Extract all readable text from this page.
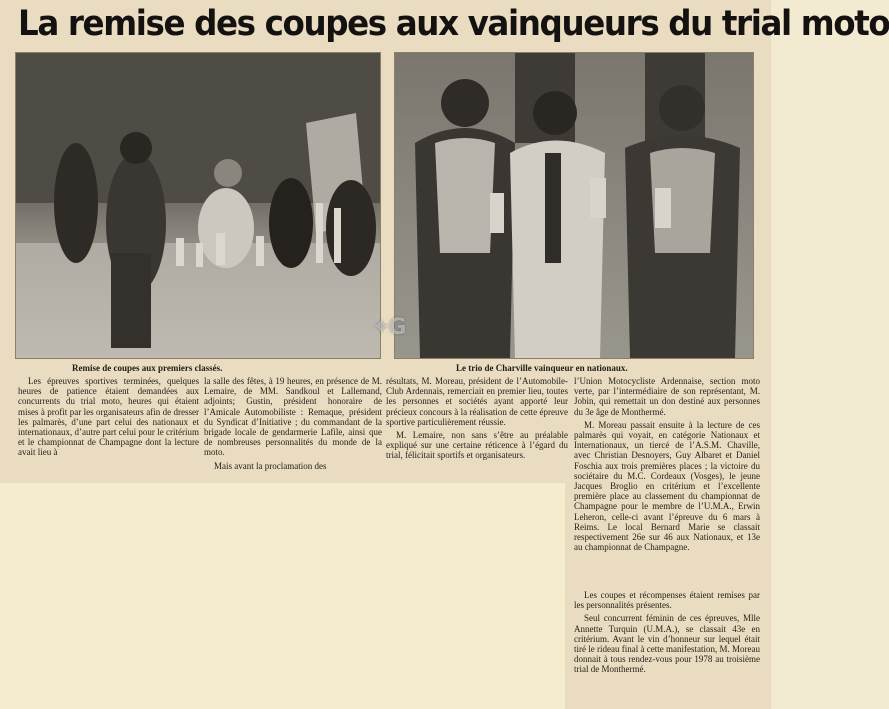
La remise des coupes aux vainqueurs du trial moto
✦G
Remise de coupes aux premiers classés.	Le trio de Charville vainqueur en nationaux.

Les épreuves sportives terminées, quelques heures de patience étaient demandées aux concurrents du trial moto, heures qui étaient mises à profit par les organisateurs afin de dresser les palmarès, d’une part celui des nationaux et internationaux, d’autre part celui pour le critérium et le championnat de Champagne dont la lecture avait lieu à

la salle des fêtes, à 19 heures, en présence de M. Lemaire, de MM. Sandkoul et Lallemand, adjoints; Gustin, président honoraire de l’Amicale Automobiliste : Remaque, président du Syndicat d’Initiative ; du commandant de la brigade locale de gendarmerie Lafile, ainsi que de nombreuses personnalités du monde de la moto.

Mais avant la proclamation des

résultats, M. Moreau, président de l’Automobile-Club Ardennais, remerciait en premier lieu, toutes les personnes et sociétés ayant apporté leur précieux concours à la réalisation de cette épreuve sportive particulièrement réussie.

M. Lemaire, non sans s’être au préalable expliqué sur une certaine réticence à l’égard du trial, félicitait sportifs et organisateurs.

l’Union Motocycliste Ardennaise, section moto verte, par l’intermédiaire de son représentant, M. Jobin, qui remettait un don destiné aux personnes du 3e âge de Monthermé.

M. Moreau passait ensuite à la lecture de ces palmarès qui voyait, en catégorie Nationaux et Internationaux, un tiercé de l’A.S.M. Chaville, avec Christian Desnoyers, Guy Albaret et Daniel Foschia aux trois premières places ; la victoire du sociétaire du M.C. Cordeaux (Vosges), le jeune Jacques Broglio en critérium et l’excellente première place au classement du championnat de Champagne pour le membre de l’U.M.A., Erwin Leheron, celle-ci avant l’épreuve du 6 mars à Reims. Le local Bernard Marie se classait respectivement 26e sur 46 aux Nationaux, et 13e au championnat de Champagne.

Les coupes et récompenses étaient remises par les personnalités présentes.

Seul concurrent féminin de ces épreuves, Mlle Annette Turquin (U.M.A.), se classait 43e en critérium. Avant le vin d’honneur sur lequel était tiré le rideau final à cette manifestation, M. Moreau donnait à tous rendez-vous pour 1978 au troisième trial de Monthermé.
